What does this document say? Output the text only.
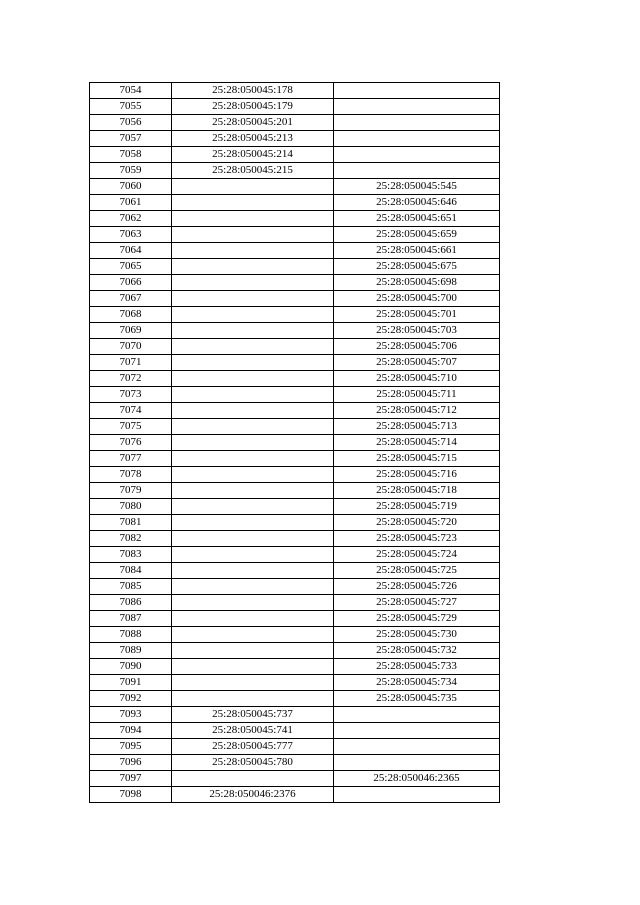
7054	25:28:050045:178	
7055	25:28:050045:179	
7056	25:28:050045:201	
7057	25:28:050045:213	
7058	25:28:050045:214	
7059	25:28:050045:215	
7060		25:28:050045:545
7061		25:28:050045:646
7062		25:28:050045:651
7063		25:28:050045:659
7064		25:28:050045:661
7065		25:28:050045:675
7066		25:28:050045:698
7067		25:28:050045:700
7068		25:28:050045:701
7069		25:28:050045:703
7070		25:28:050045:706
7071		25:28:050045:707
7072		25:28:050045:710
7073		25:28:050045:711
7074		25:28:050045:712
7075		25:28:050045:713
7076		25:28:050045:714
7077		25:28:050045:715
7078		25:28:050045:716
7079		25:28:050045:718
7080		25:28:050045:719
7081		25:28:050045:720
7082		25:28:050045:723
7083		25:28:050045:724
7084		25:28:050045:725
7085		25:28:050045:726
7086		25:28:050045:727
7087		25:28:050045:729
7088		25:28:050045:730
7089		25:28:050045:732
7090		25:28:050045:733
7091		25:28:050045:734
7092		25:28:050045:735
7093	25:28:050045:737	
7094	25:28:050045:741	
7095	25:28:050045:777	
7096	25:28:050045:780	
7097		25:28:050046:2365
7098	25:28:050046:2376	
